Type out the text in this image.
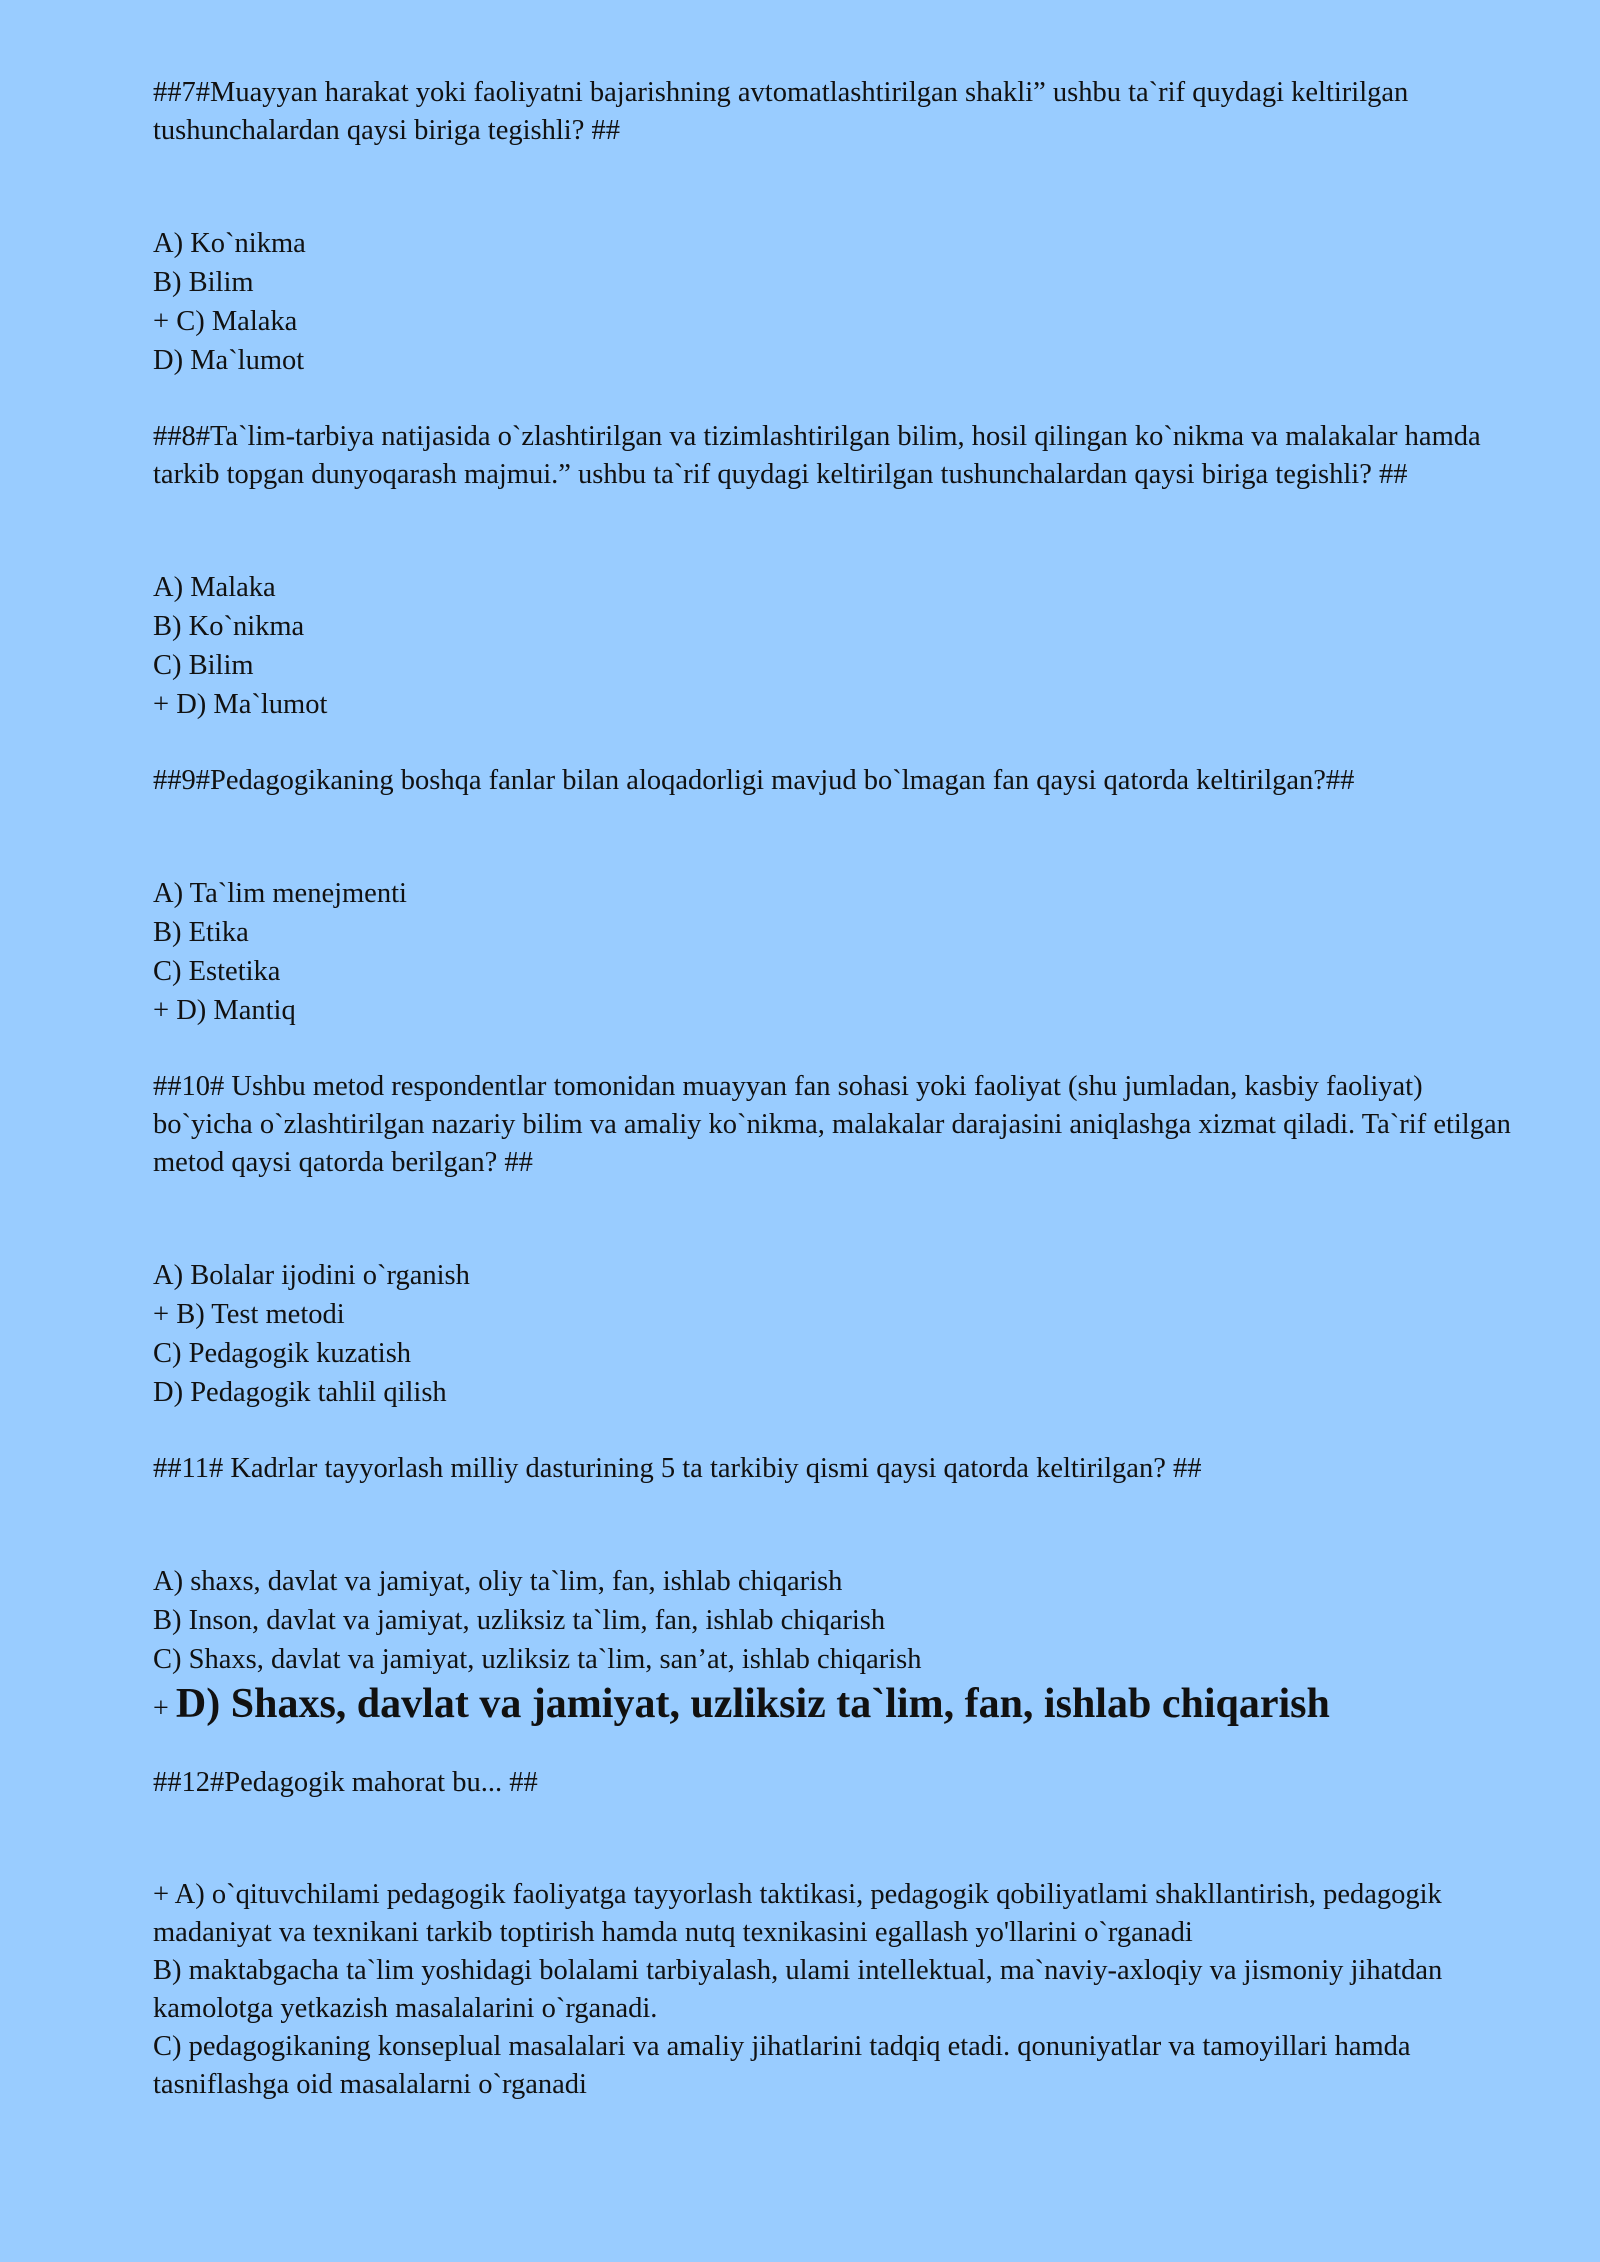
##7#Muayyan harakat yoki faoliyatni bajarishning avtomatlashtirilgan shakli” ushbu ta`rif quydagi keltirilgan tushunchalardan qaysi biriga tegishli? ##

A) Ko`nikma

B) Bilim

+ C) Malaka

D) Ma`lumot

##8#Ta`lim-tarbiya natijasida o`zlashtirilgan va tizimlashtirilgan bilim, hosil qilingan ko`nikma va malakalar hamda tarkib topgan dunyoqarash majmui.” ushbu ta`rif quydagi keltirilgan tushunchalardan qaysi biriga tegishli? ##

A) Malaka

B) Ko`nikma

C) Bilim

+ D) Ma`lumot

##9#Pedagogikaning boshqa fanlar bilan aloqadorligi mavjud bo`lmagan fan qaysi qatorda keltirilgan?##

A) Ta`lim menejmenti

B) Etika

C) Estetika

+ D) Mantiq

##10# Ushbu metod respondentlar tomonidan muayyan fan sohasi yoki faoliyat (shu jumladan, kasbiy faoliyat) bo`yicha o`zlashtirilgan nazariy bilim va amaliy ko`nikma, malakalar darajasini aniqlashga xizmat qiladi. Ta`rif etilgan metod qaysi qatorda berilgan? ##

A) Bolalar ijodini o`rganish

+ B) Test metodi

C) Pedagogik kuzatish

D) Pedagogik tahlil qilish

##11# Kadrlar tayyorlash milliy dasturining 5 ta tarkibiy qismi qaysi qatorda keltirilgan? ##

A) shaxs, davlat va jamiyat, oliy ta`lim, fan, ishlab chiqarish

B) Inson, davlat va jamiyat, uzliksiz ta`lim, fan, ishlab chiqarish

C) Shaxs, davlat va jamiyat, uzliksiz ta`lim, san’at, ishlab chiqarish

+ D) Shaxs, davlat va jamiyat, uzliksiz ta`lim, fan, ishlab chiqarish

##12#Pedagogik mahorat bu... ##

+ A) o`qituvchilami pedagogik faoliyatga tayyorlash taktikasi, pedagogik qobiliyatlami shakllantirish, pedagogik madaniyat va texnikani tarkib toptirish hamda nutq texnikasini egallash yo'llarini o`rganadi

B) maktabgacha ta`lim yoshidagi bolalami tarbiyalash, ulami intellektual, ma`naviy-axloqiy va jismoniy jihatdan kamolotga yetkazish masalalarini o`rganadi.

C) pedagogikaning konseplual masalalari va amaliy jihatlarini tadqiq etadi. qonuniyatlar va tamoyillari hamda tasniflashga oid masalalarni o`rganadi
